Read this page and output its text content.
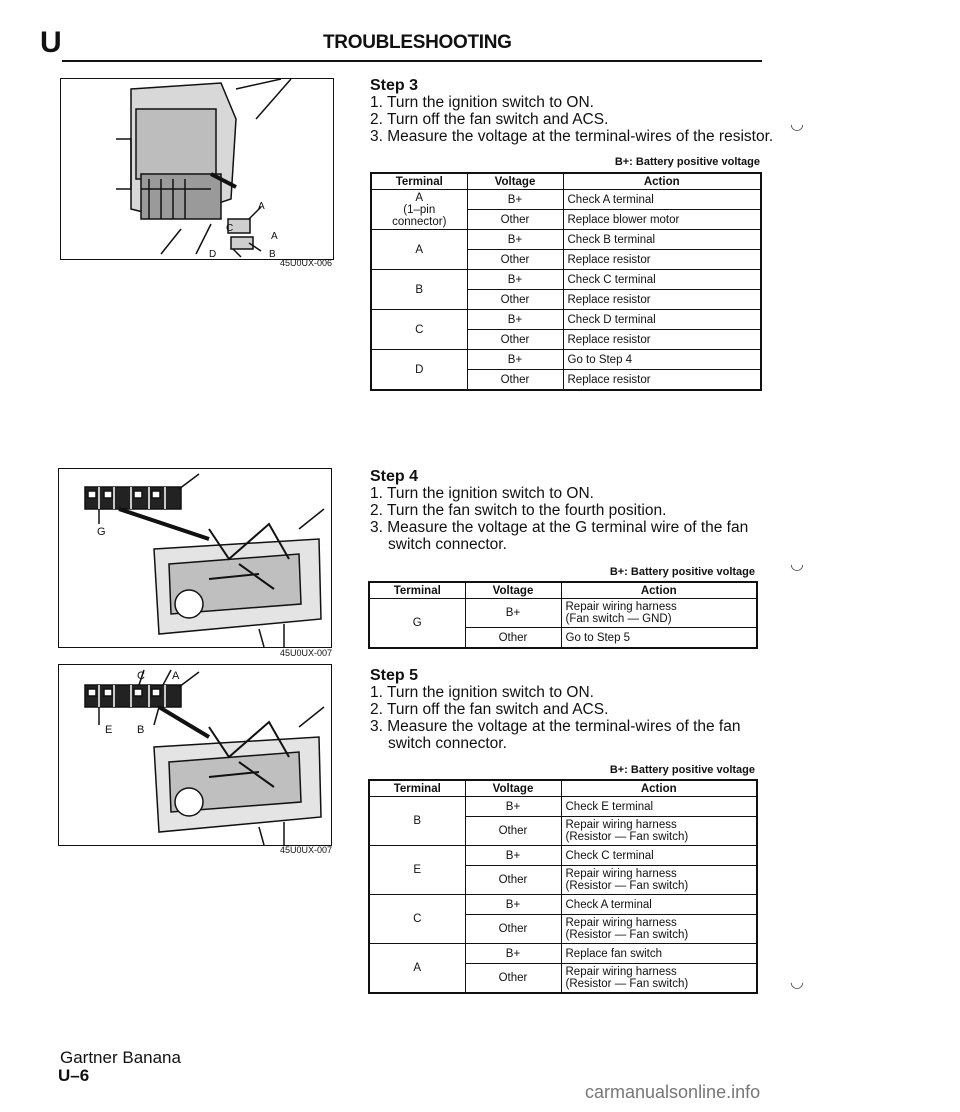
U	TROUBLESHOOTING
A
A
C
B
D
45U0UX-006
G
45U0UX-007
C A
E B
45U0UX-007
Step 3
1. Turn the ignition switch to ON.
2. Turn off the fan switch and ACS.
3. Measure the voltage at the terminal-wires of the resistor.
B+: Battery positive voltage
Terminal	Voltage	Action
A
(1–pin
connector)	B+	Check A terminal
	Other	Replace blower motor
A	B+	Check B terminal
	Other	Replace resistor
B	B+	Check C terminal
	Other	Replace resistor
C	B+	Check D terminal
	Other	Replace resistor
D	B+	Go to Step 4
	Other	Replace resistor
◡
Step 4
1. Turn the ignition switch to ON.
2. Turn the fan switch to the fourth position.
3. Measure the voltage at the G terminal wire of the fan
switch connector.
B+: Battery positive voltage
Terminal	Voltage	Action
G	B+	Repair wiring harness
(Fan switch — GND)
	Other	Go to Step 5
◡
Step 5
1. Turn the ignition switch to ON.
2. Turn off the fan switch and ACS.
3. Measure the voltage at the terminal-wires of the fan
switch connector.
B+: Battery positive voltage
Terminal	Voltage	Action
B	B+	Check E terminal
	Other	Repair wiring harness
(Resistor — Fan switch)
E	B+	Check C terminal
	Other	Repair wiring harness
(Resistor — Fan switch)
C	B+	Check A terminal
	Other	Repair wiring harness
(Resistor — Fan switch)
A	B+	Replace fan switch
	Other	Repair wiring harness
(Resistor — Fan switch)	◡
Gartner Banana
U–6
carmanualsonline.info
